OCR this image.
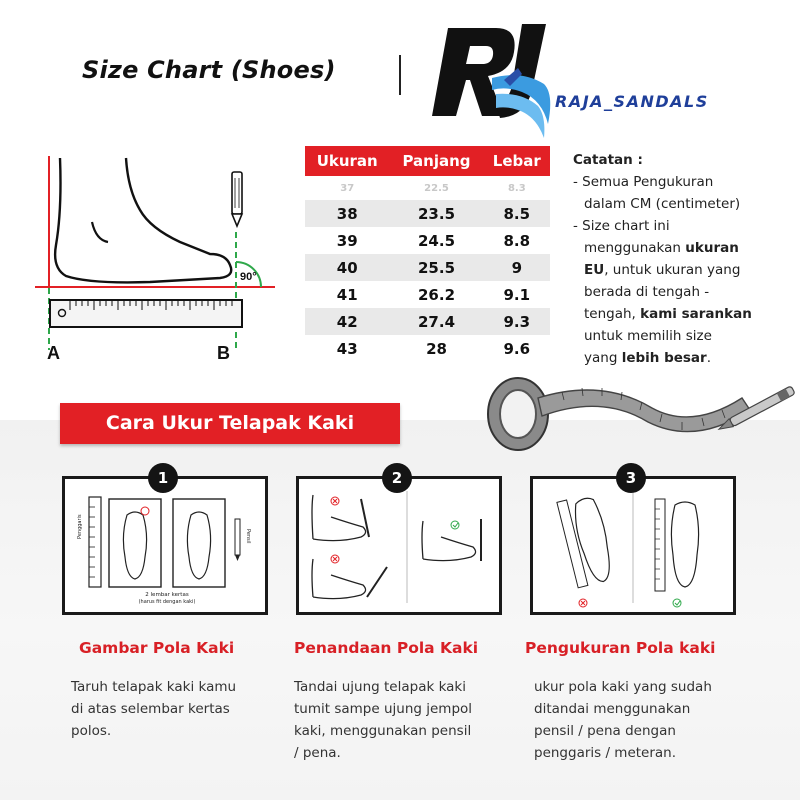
Size Chart (Shoes)
RAJA_SANDALS
90°
A	B
Ukuran	Panjang	Lebar
37	22.5	8.3
38	23.5	8.5
39	24.5	8.8
40	25.5	9
41	26.2	9.1
42	27.4	9.3
43	28	9.6
Catatan :

- Semua Pengukuran

dalam CM (centimeter)

- Size chart ini

menggunakan ukuran

EU, untuk ukuran yang

berada di tengah -

tengah, kami sarankan

untuk memilih size

yang lebih besar.

Cara Ukur Telapak Kaki
Penggaris	Pensil
2 lembar kertas
(harus fit dengan kaki)
1	2	3
Gambar Pola Kaki	Penandaan Pola Kaki	Pengukuran Pola kaki
Taruh telapak kaki kamu
di atas selembar kertas
polos.
Tandai ujung telapak kaki
tumit sampe ujung jempol
kaki, menggunakan pensil
/ pena.
ukur pola kaki yang sudah
ditandai menggunakan
pensil / pena dengan
penggaris / meteran.
